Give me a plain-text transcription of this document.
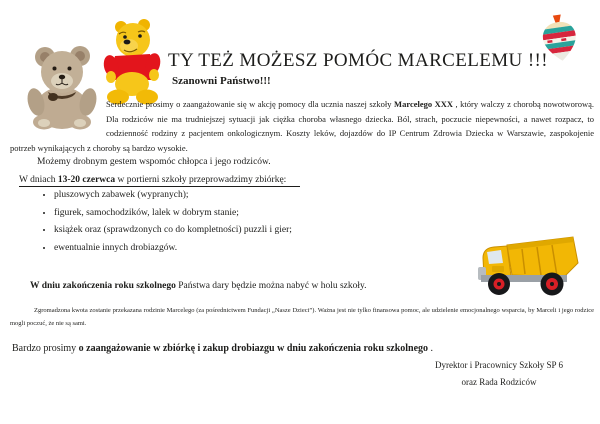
TY TEŻ MOŻESZ POMÓC MARCELEMU !!!
Szanowni Państwo!!!
Serdecznie prosimy o zaangażowanie się w akcję pomocy dla ucznia naszej szkoły Marcelego XXX , który walczy z chorobą nowotworową. Dla rodziców nie ma trudniejszej sytuacji jak ciężka choroba własnego dziecka. Ból, strach, poczucie niepewności, a nawet rozpacz, to codzienność rodziny z pacjentem onkologicznym. Koszty leków, dojazdów do IP Centrum Zdrowia Dziecka w Warszawie, zaspokojenie potrzeb wynikających z choroby są bardzo wysokie.
Możemy drobnym gestem wspomóc chłopca i jego rodziców.
W dniach 13-20 czerwca w portierni szkoły przeprowadzimy zbiórkę:
• pluszowych zabawek (wypranych);
• figurek, samochodzików, lalek w dobrym stanie;
• książek oraz (sprawdzonych co do kompletności) puzzli i gier;
• ewentualnie innych drobiazgów.
W dniu zakończenia roku szkolnego Państwa dary będzie można nabyć w holu szkoły.
Zgromadzona kwota zostanie przekazana rodzinie Marcelego (za pośrednictwem Fundacji „Nasze Dzieci”). Ważna jest nie tylko finansowa pomoc, ale udzielenie emocjonalnego wsparcia, by Marceli i jego rodzice mogli poczuć, że nie są sami.
Bardzo prosimy o zaangażowanie w zbiórkę i zakup drobiazgu w dniu zakończenia roku szkolnego .
Dyrektor i Pracownicy Szkoły SP 6
oraz Rada Rodziców
